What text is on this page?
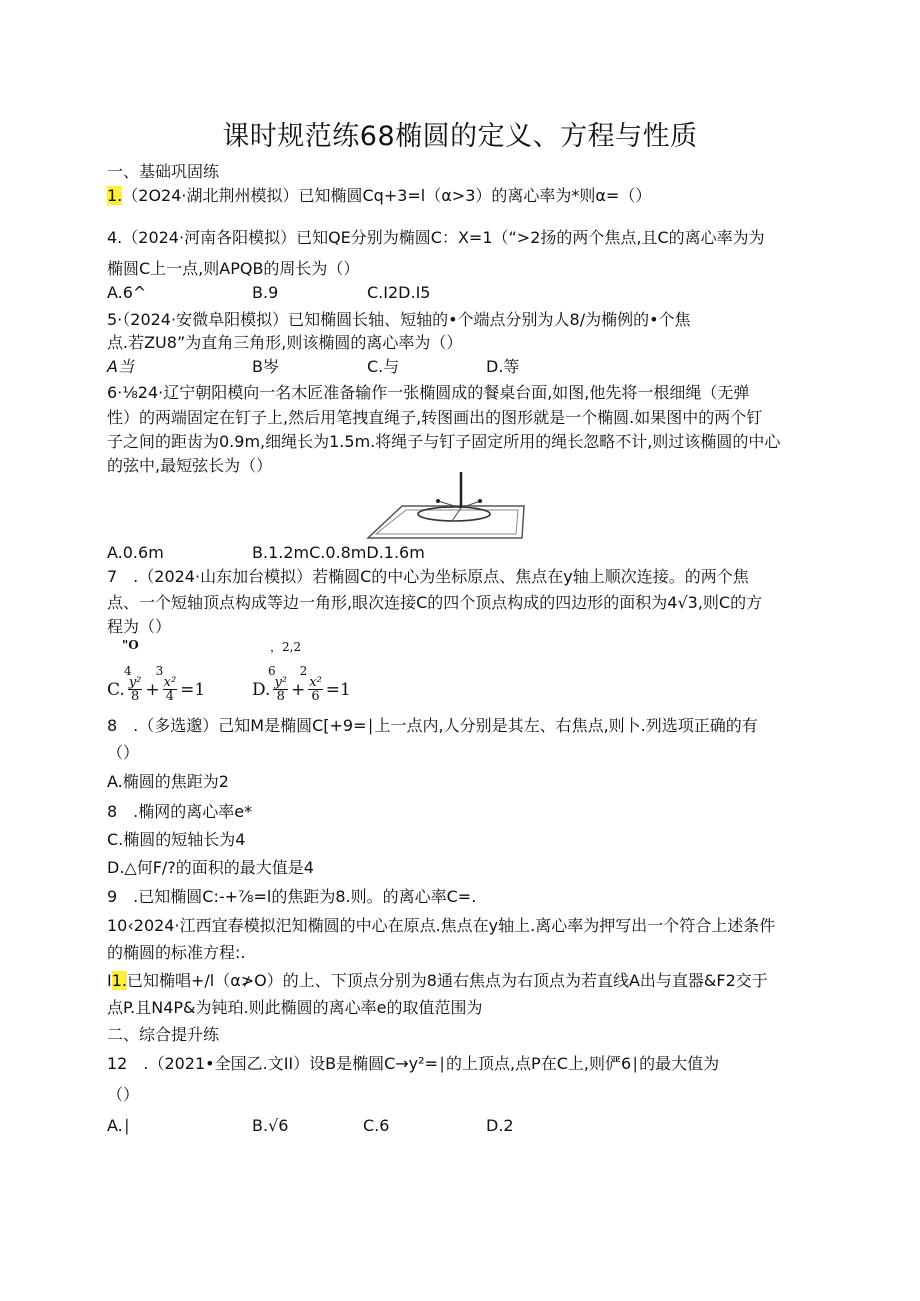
课时规范练68椭圆的定义、方程与性质
一、基础巩固练
1.（2O24·湖北荆州模拟）已知椭圆Cq+3=l（α>3）的离心率为*则α=（）
4.（2024·河南各阳模拟）已知QE分别为椭圆C：X=1（“>2扬的两个焦点,且C的离心率为为
椭圆C上一点,则APQB的周长为（）
A.6^	B.9	C.I2D.I5
5·（2024·安微阜阳模拟）已知椭圆长轴、短轴的•个端点分别为人8/为椭例的•个焦
点.若ZU8”为直角三角形,则该椭圆的离心率为（）
A当	B岑	C.与	D.等
6·⅛24·辽宁朝阳模向一名木匠准备输作一张椭圆成的餐桌台面,如图,他先将一根细绳（无弹
性）的两端固定在钉子上,然后用笔拽直绳子,转图画出的图形就是一个椭圆.如果图中的两个钉
子之间的距齿为0.9m,细绳长为1.5m.将绳子与钉子固定所用的绳长忽略不计,则过该椭圆的中心
的弦中,最短弦长为（）
A.0.6m	B.1.2mC.0.8mD.1.6m
7　.（2024·山东加台模拟）若椭圆C的中心为坐标原点、焦点在y轴上顺次连接。的两个焦
点、一个短轴顶点构成等边一角形,眼次连接C的四个顶点构成的四边形的面积为4√3,则C的方
程为（）
"O	，2,2
4　　3	6　　2
C. $\frac{\text{y²}}{8} + \frac{\text{x²}}{4} =1$	D. $\frac{\text{y²}}{8} + \frac{\text{x²}}{6} =1$
8　.（多选邈）己知M是椭圆C[+9=∣上一点内,人分别是其左、右焦点,则卜.列选项正确的有
（）
A.椭圆的焦距为2
8　.椭网的离心率e*
C.椭圆的短轴长为4
D.△何F/?的面积的最大值是4
9　.已知椭圆C:-+⅞=l的焦距为8.则。的离心率C=.
10‹2024·江西宜春模拟汜知椭圆的中心在原点.焦点在y轴上.离心率为押写出一个符合上述条件
的椭圆的标准方程:.
I1.已知椭唱+/l（α≯O）的上、下顶点分别为8通右焦点为右顶点为若直线A出与直器&F2交于
点P.且N4P&为钝珀.则此椭圆的离心率e的取值范围为
二、综合提升练
12　.（2021•全国乙.文II）设B是椭圆C→y²=∣的上顶点,点P在C上,则俨6∣的最大值为
（）
A.∣	B.√6	C.6	D.2
